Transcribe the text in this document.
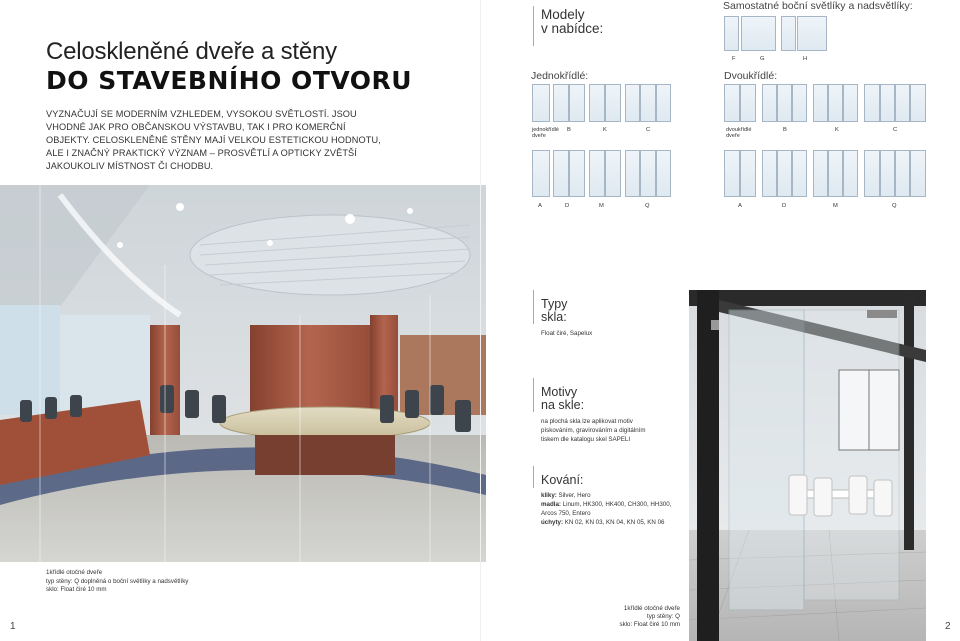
Celoskleněné dveře a stěny
DO STAVEBNÍHO OTVORU
VYZNAČUJÍ SE MODERNÍM VZHLEDEM, VYSOKOU SVĚTLOSTÍ. JSOU VHODNÉ JAK PRO OBČANSKOU VÝSTAVBU, TAK I PRO KOMERČNÍ OBJEKTY. CELOSKLENĚNÉ STĚNY MAJÍ VELKOU ESTETICKOU HODNOTU, ALE I ZNAČNÝ PRAKTICKÝ VÝZNAM – PROSVĚTLÍ A OPTICKY ZVĚTŠÍ JAKOUKOLIV MÍSTNOST ČI CHODBU.
1křídlé otočné dveře
typ stěny: Q doplněná o boční světlíky a nadsvětlíky
sklo: Float čiré 10 mm
1
Modely
v nabídce:
Samostatné boční světlíky a nadsvětlíky:
F	G	H
Jednokřídlé:	Dvoukřídlé:
jednokřídlé dveře
B	K	C	dvoukřídlé dveře
B	K	C
A	D	M	Q	A	D	M	Q
Typy
skla:
Float čiré, Sapelux
Motivy
na skle:
na plochá skla lze aplikovat motiv
pískováním, gravírováním a digitálním
tiskem dle katalogu skel SAPELI
Kování:
kliky: Silver, Hero
madla: Linum, HK300, HK400, CH300, HH300,
Arcos 750, Entero
úchyty: KN 02, KN 03, KN 04, KN 05, KN 06
1křídlé otočné dveře
typ stěny: Q
sklo: Float čiré 10 mm	2
